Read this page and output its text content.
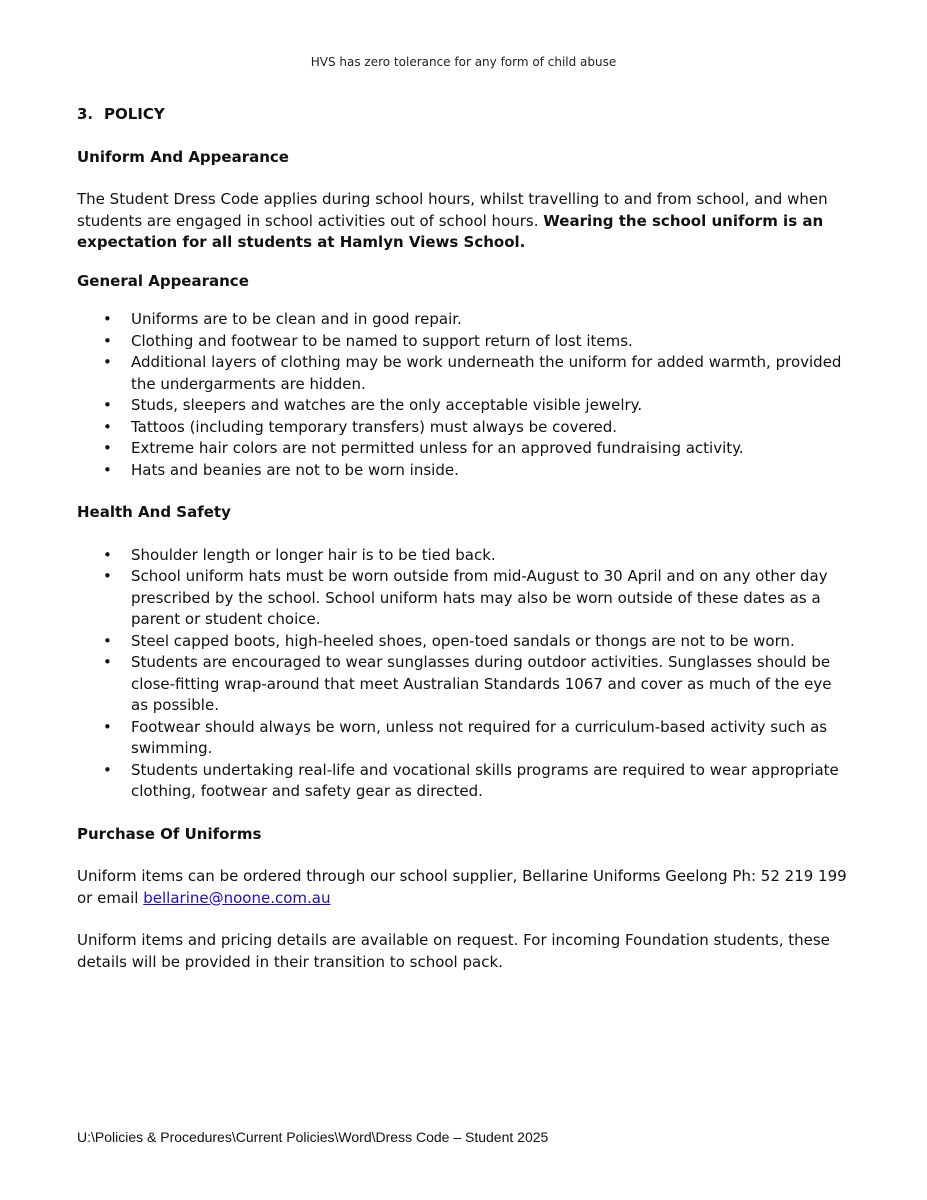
HVS has zero tolerance for any form of child abuse

3. POLICY

Uniform And Appearance

The Student Dress Code applies during school hours, whilst travelling to and from school, and when students are engaged in school activities out of school hours. Wearing the school uniform is an expectation for all students at Hamlyn Views School.

General Appearance
• Uniforms are to be clean and in good repair.
• Clothing and footwear to be named to support return of lost items.
• Additional layers of clothing may be work underneath the uniform for added warmth, provided the undergarments are hidden.
• Studs, sleepers and watches are the only acceptable visible jewelry.
• Tattoos (including temporary transfers) must always be covered.
• Extreme hair colors are not permitted unless for an approved fundraising activity.
• Hats and beanies are not to be worn inside.
Health And Safety
• Shoulder length or longer hair is to be tied back.
• School uniform hats must be worn outside from mid-August to 30 April and on any other day prescribed by the school. School uniform hats may also be worn outside of these dates as a parent or student choice.
• Steel capped boots, high-heeled shoes, open-toed sandals or thongs are not to be worn.
• Students are encouraged to wear sunglasses during outdoor activities. Sunglasses should be close-fitting wrap-around that meet Australian Standards 1067 and cover as much of the eye as possible.
• Footwear should always be worn, unless not required for a curriculum-based activity such as swimming.
• Students undertaking real-life and vocational skills programs are required to wear appropriate clothing, footwear and safety gear as directed.
Purchase Of Uniforms

Uniform items can be ordered through our school supplier, Bellarine Uniforms Geelong Ph: 52 219 199 or email bellarine@noone.com.au

Uniform items and pricing details are available on request. For incoming Foundation students, these details will be provided in their transition to school pack.

U:\Policies & Procedures\Current Policies\Word\Dress Code – Student 2025
